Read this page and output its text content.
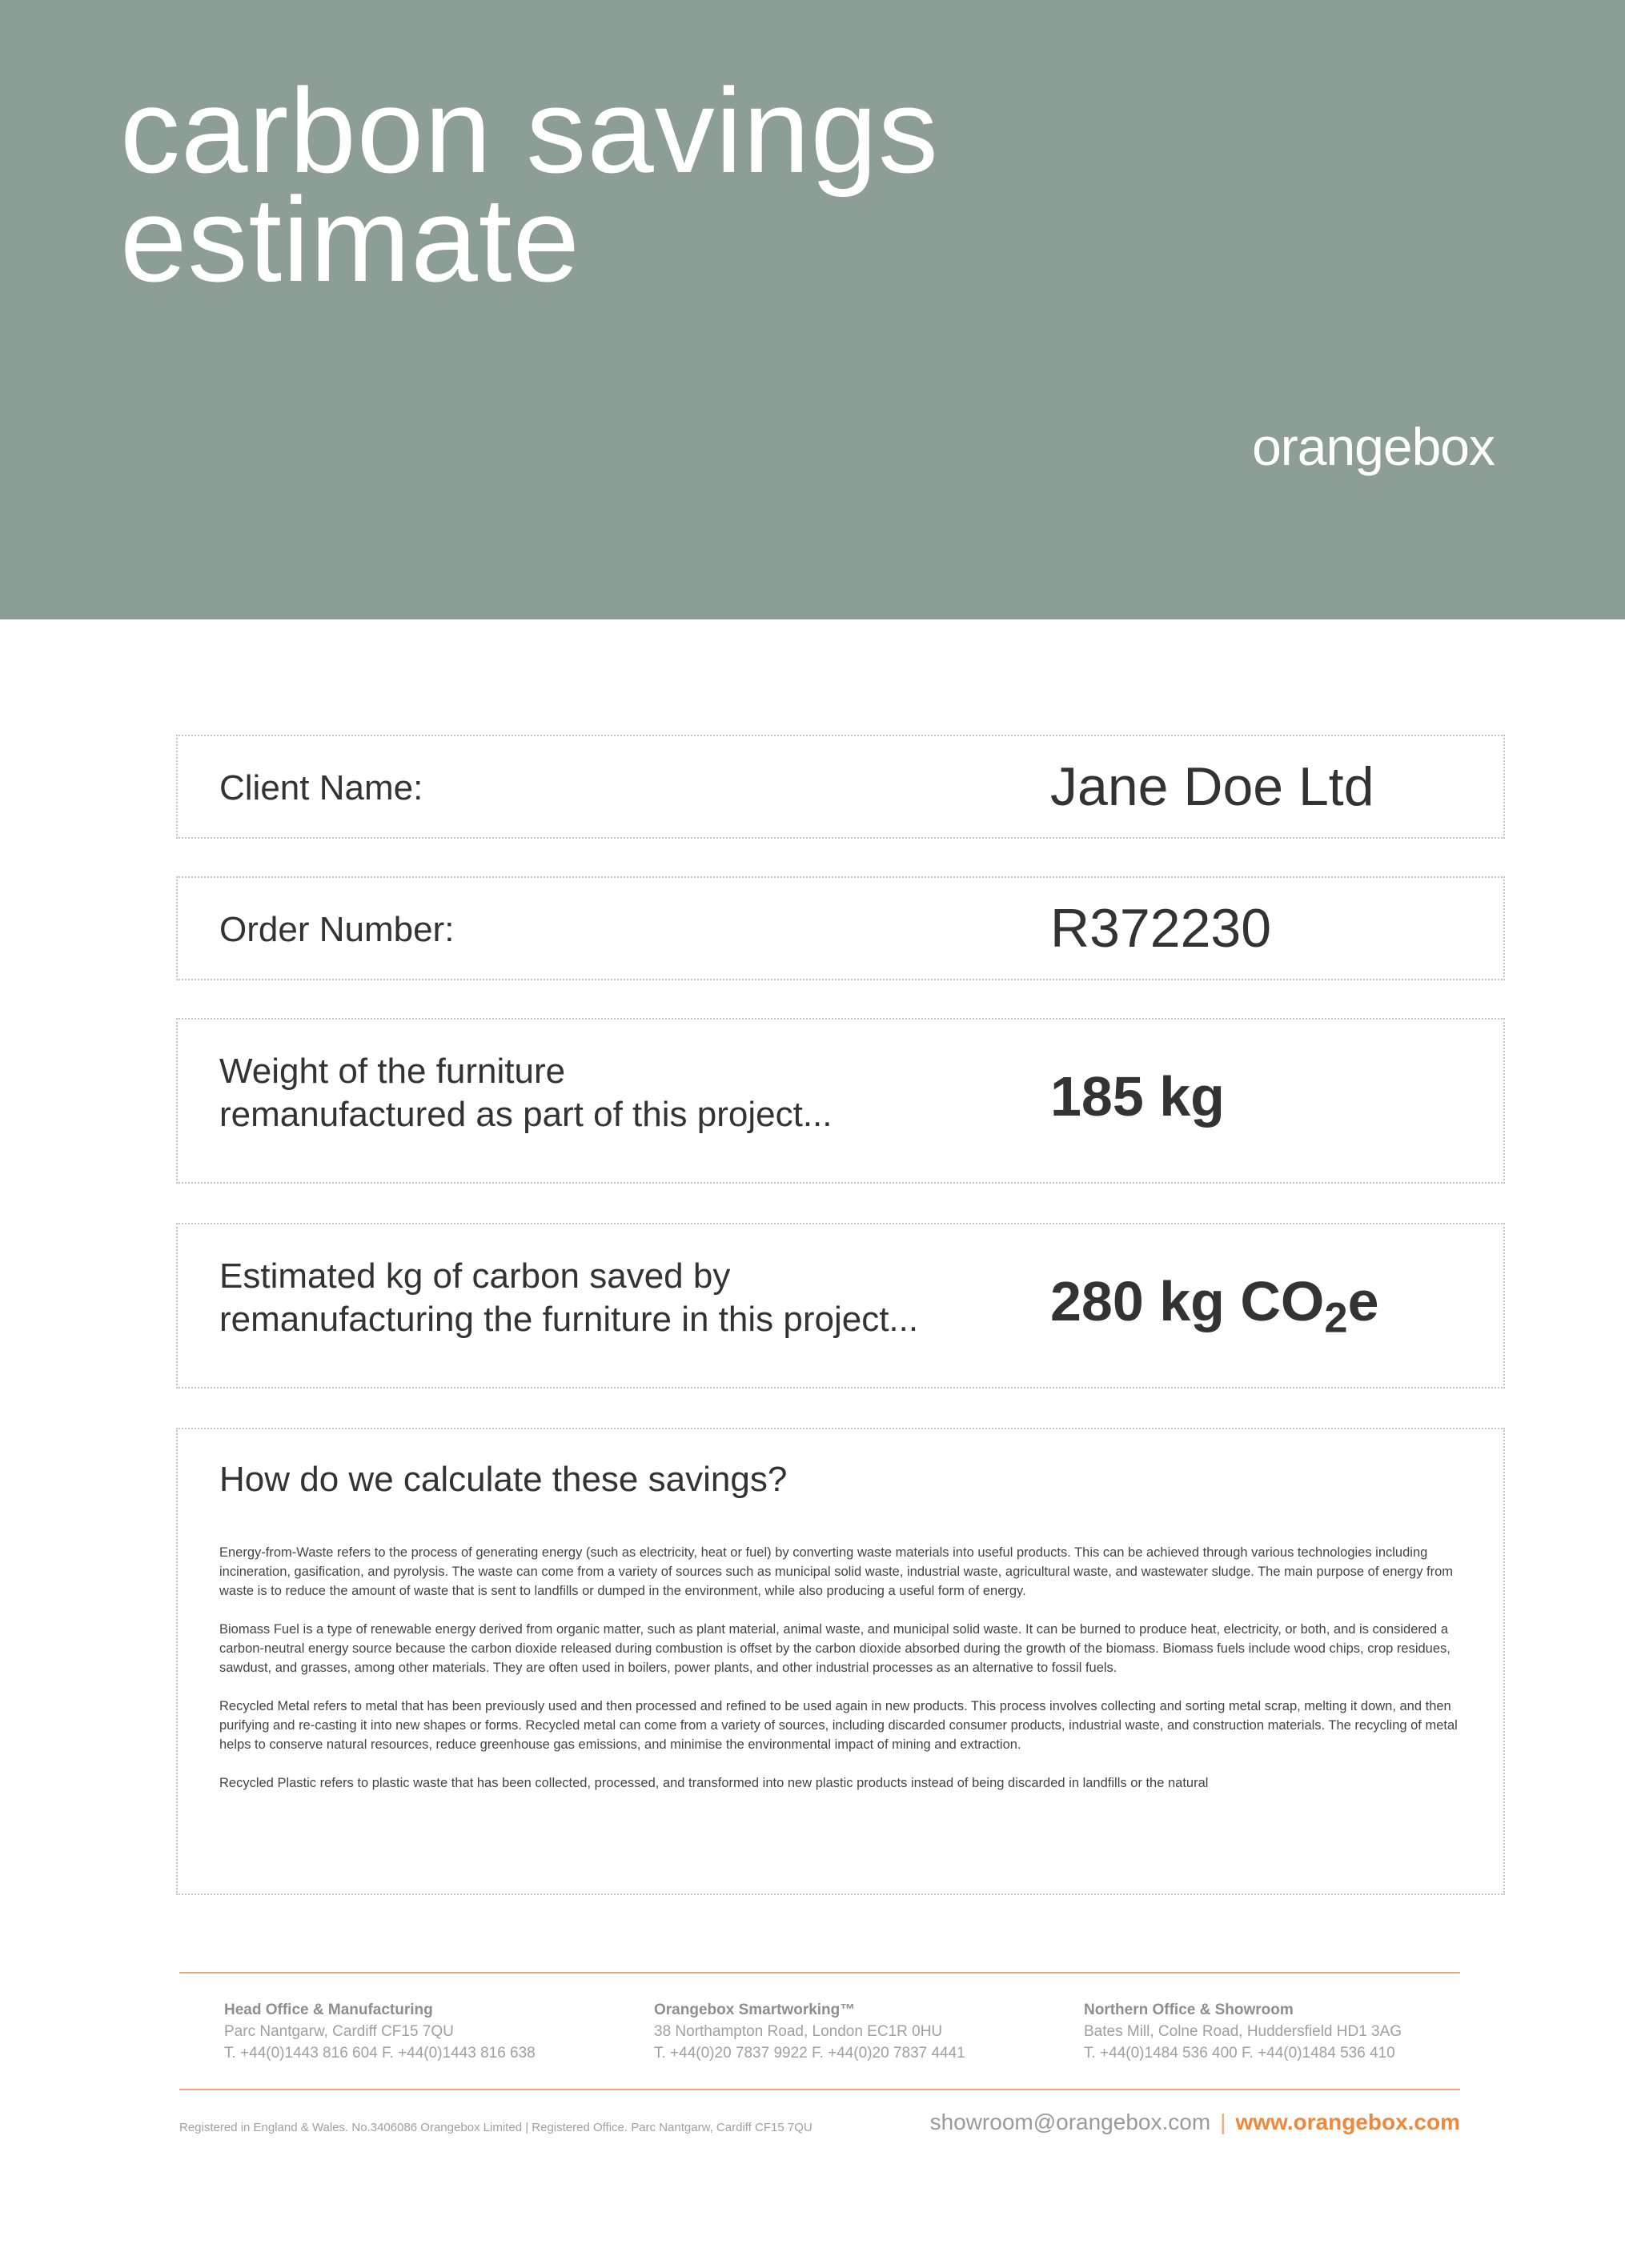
carbon savings
estimate
orangebox
Client Name:	Jane Doe Ltd
Order Number:	R372230
Weight of the furniture
remanufactured as part of this project...	185 kg
Estimated kg of carbon saved by
remanufacturing the furniture in this project... 280 kg $CO_2e$
How do we calculate these savings?

Energy-from-Waste refers to the process of generating energy (such as electricity, heat or fuel) by converting waste materials into useful products. This can be achieved through various technologies including incineration, gasification, and pyrolysis. The waste can come from a variety of sources such as municipal solid waste, industrial waste, agricultural waste, and wastewater sludge. The main purpose of energy from waste is to reduce the amount of waste that is sent to landfills or dumped in the environment, while also producing a useful form of energy.

Biomass Fuel is a type of renewable energy derived from organic matter, such as plant material, animal waste, and municipal solid waste. It can be burned to produce heat, electricity, or both, and is considered a carbon-neutral energy source because the carbon dioxide released during combustion is offset by the carbon dioxide absorbed during the growth of the biomass. Biomass fuels include wood chips, crop residues, sawdust, and grasses, among other materials. They are often used in boilers, power plants, and other industrial processes as an alternative to fossil fuels.

Recycled Metal refers to metal that has been previously used and then processed and refined to be used again in new products. This process involves collecting and sorting metal scrap, melting it down, and then purifying and re-casting it into new shapes or forms. Recycled metal can come from a variety of sources, including discarded consumer products, industrial waste, and construction materials. The recycling of metal helps to conserve natural resources, reduce greenhouse gas emissions, and minimise the environmental impact of mining and extraction.

Recycled Plastic refers to plastic waste that has been collected, processed, and transformed into new plastic products instead of being discarded in landfills or the natural

Head Office & Manufacturing
Parc Nantgarw, Cardiff CF15 7QU
T. +44(0)1443 816 604 F. +44(0)1443 816 638
Orangebox Smartworking™
38 Northampton Road, London EC1R 0HU
T. +44(0)20 7837 9922 F. +44(0)20 7837 4441
Northern Office & Showroom
Bates Mill, Colne Road, Huddersfield HD1 3AG
T. +44(0)1484 536 400 F. +44(0)1484 536 410
Registered in England & Wales. No.3406086 Orangebox Limited | Registered Office. Parc Nantgarw, Cardiff CF15 7QU	showroom@orangebox.com | www.orangebox.com
